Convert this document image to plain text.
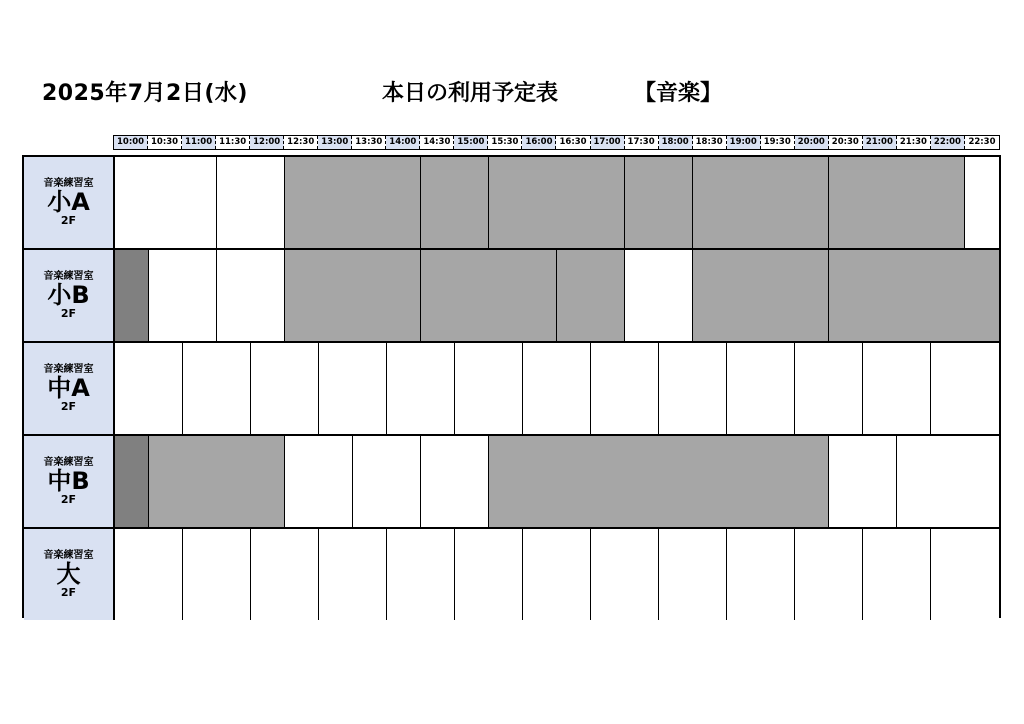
2025年7月2日(水)	本日の利用予定表	【音楽】
10:00 10:30 11:00 11:30 12:00 12:30 13:00 13:30 14:00 14:30 15:00 15:30 16:00 16:30 17:00 17:30 18:00 18:30 19:00 19:30 20:00 20:30 21:00 21:30 22:00 22:30
音楽練習室
小A
2F
音楽練習室
小B
2F
音楽練習室
中A
2F
音楽練習室
中B
2F
音楽練習室
大
2F
